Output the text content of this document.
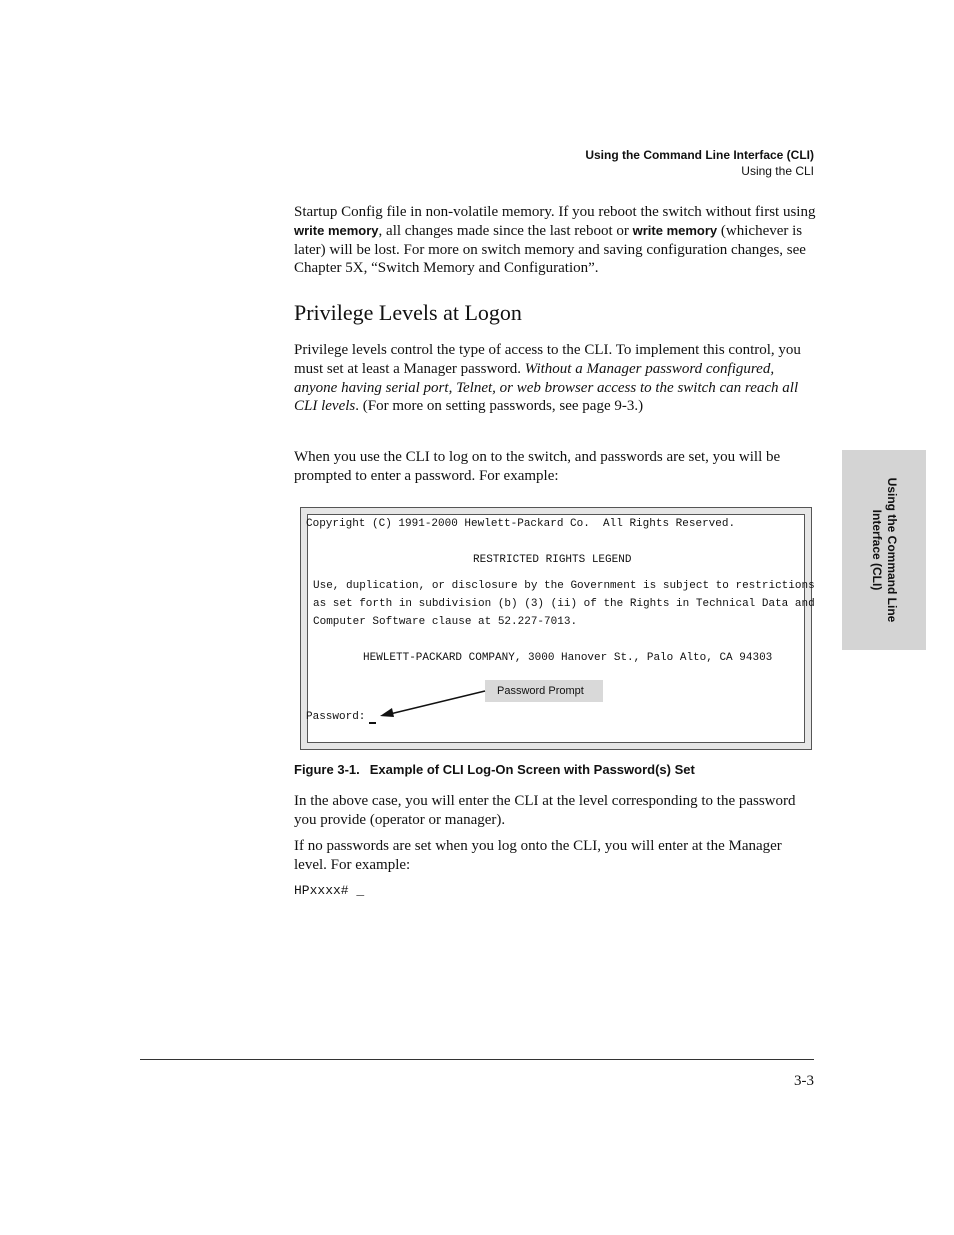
Using the Command Line Interface (CLI)
Using the CLI

Startup Config file in non-volatile memory. If you reboot the switch without first using write memory, all changes made since the last reboot or write memory (whichever is later) will be lost. For more on switch memory and saving configuration changes, see Chapter 5X, “Switch Memory and Configuration”.

Privilege Levels at Logon

Privilege levels control the type of access to the CLI. To implement this control, you must set at least a Manager password. Without a Manager password configured, anyone having serial port, Telnet, or web browser access to the switch can reach all CLI levels. (For more on setting passwords, see page 9-3.)

When you use the CLI to log on to the switch, and passwords are set, you will be prompted to enter a password. For example:

Using the Command Line Interface (CLI)
Copyright (C) 1991-2000 Hewlett-Packard Co.  All Rights Reserved.
RESTRICTED RIGHTS LEGEND
Use, duplication, or disclosure by the Government is subject to restrictions
as set forth in subdivision (b) (3) (ii) of the Rights in Technical Data and
Computer Software clause at 52.227-7013.
HEWLETT-PACKARD COMPANY, 3000 Hanover St., Palo Alto, CA 94303
Password:
Password Prompt
Figure 3-1. Example of CLI Log-On Screen with Password(s) Set

In the above case, you will enter the CLI at the level corresponding to the password you provide (operator or manager).

If no passwords are set when you log onto the CLI, you will enter at the Manager level. For example:

HPxxxx# _
3-3
